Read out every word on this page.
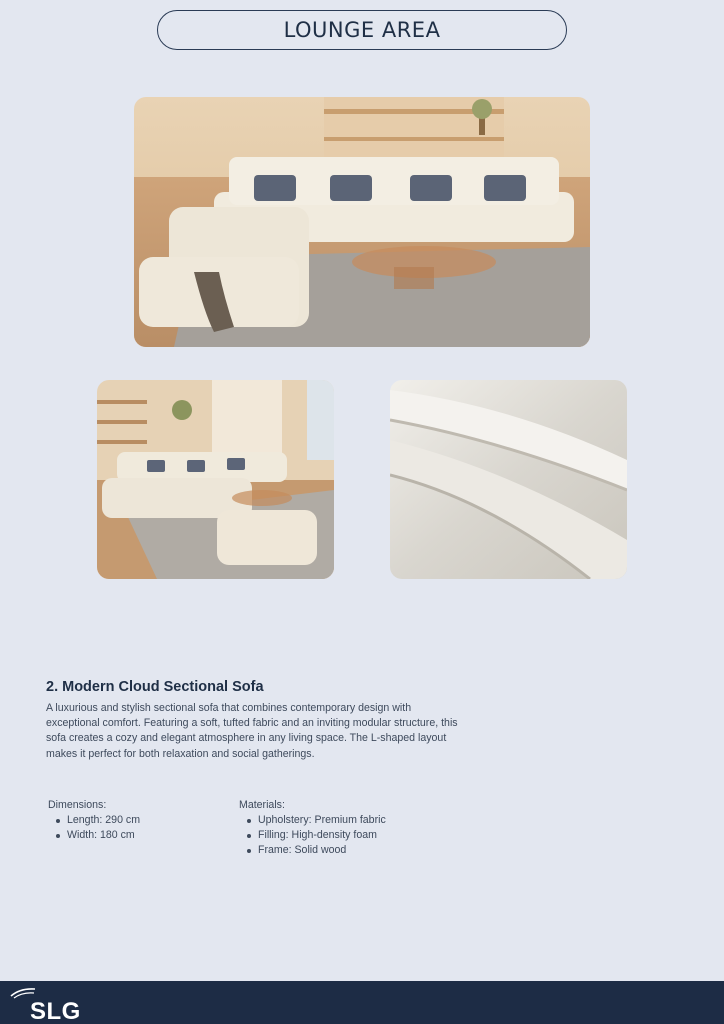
LOUNGE AREA
2. Modern Cloud Sectional Sofa
A luxurious and stylish sectional sofa that combines contemporary design with exceptional comfort. Featuring a soft, tufted fabric and an inviting modular structure, this sofa creates a cozy and elegant atmosphere in any living space. The L-shaped layout makes it perfect for both relaxation and social gatherings.
Dimensions:
Length: 290 cm
Width: 180 cm
Materials:
Upholstery: Premium fabric
Filling: High-density foam
Frame: Solid wood
SLG
